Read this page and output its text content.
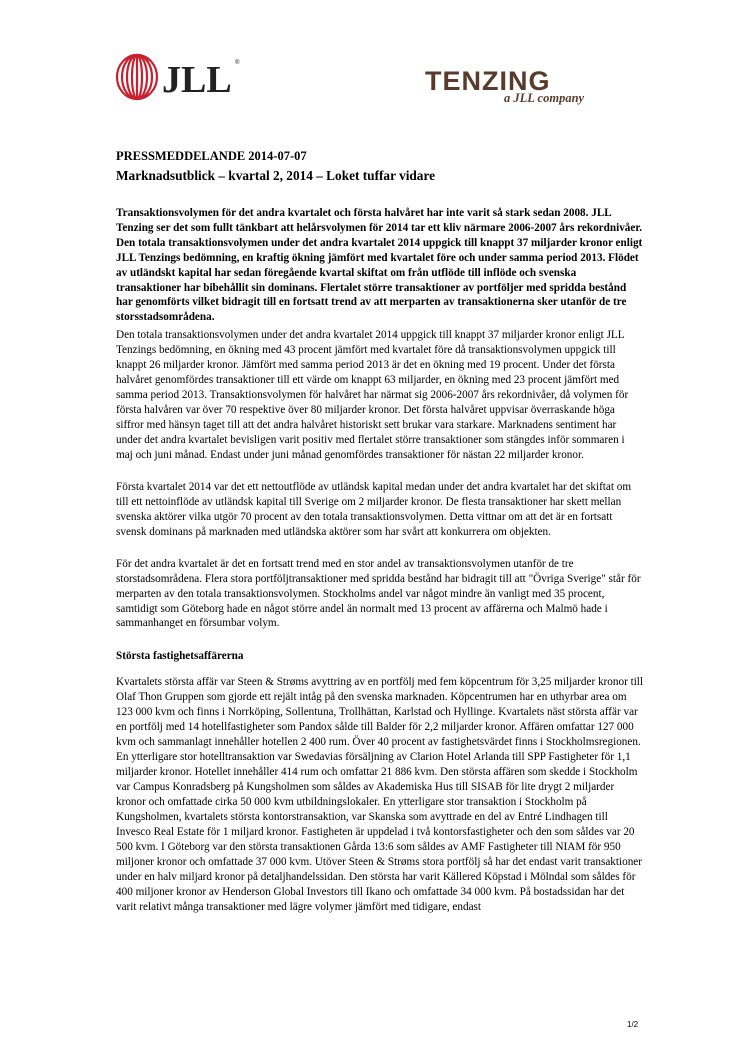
JLL ®
TENZING
a JLL company

PRESSMEDDELANDE 2014-07-07

Marknadsutblick – kvartal 2, 2014 – Loket tuffar vidare

Transaktionsvolymen för det andra kvartalet och första halvåret har inte varit så stark sedan 2008. JLL Tenzing ser det som fullt tänkbart att helårsvolymen för 2014 tar ett kliv närmare 2006-2007 års rekordnivåer. Den totala transaktionsvolymen under det andra kvartalet 2014 uppgick till knappt 37 miljarder kronor enligt JLL Tenzings bedömning, en kraftig ökning jämfört med kvartalet före och under samma period 2013. Flödet av utländskt kapital har sedan föregående kvartal skiftat om från utflöde till inflöde och svenska transaktioner har bibehållit sin dominans. Flertalet större transaktioner av portföljer med spridda bestånd har genomförts vilket bidragit till en fortsatt trend av att merparten av transaktionerna sker utanför de tre storsstadsområdena.

Den totala transaktionsvolymen under det andra kvartalet 2014 uppgick till knappt 37 miljarder kronor enligt JLL Tenzings bedömning, en ökning med 43 procent jämfört med kvartalet före då transaktionsvolymen uppgick till knappt 26 miljarder kronor. Jämfört med samma period 2013 är det en ökning med 19 procent. Under det första halvåret genomfördes transaktioner till ett värde om knappt 63 miljarder, en ökning med 23 procent jämfört med samma period 2013. Transaktionsvolymen för halvåret har närmat sig 2006-2007 års rekordnivåer, då volymen för första halvåren var över 70 respektive över 80 miljarder kronor. Det första halvåret uppvisar överraskande höga siffror med hänsyn taget till att det andra halvåret historiskt sett brukar vara starkare. Marknadens sentiment har under det andra kvartalet bevisligen varit positiv med flertalet större transaktioner som stängdes inför sommaren i maj och juni månad. Endast under juni månad genomfördes transaktioner för nästan 22 miljarder kronor.

Första kvartalet 2014 var det ett nettoutflöde av utländsk kapital medan under det andra kvartalet har det skiftat om till ett nettoinflöde av utländsk kapital till Sverige om 2 miljarder kronor. De flesta transaktioner har skett mellan svenska aktörer vilka utgör 70 procent av den totala transaktionsvolymen. Detta vittnar om att det är en fortsatt svensk dominans på marknaden med utländska aktörer som har svårt att konkurrera om objekten.

För det andra kvartalet är det en fortsatt trend med en stor andel av transaktionsvolymen utanför de tre storstadsområdena. Flera stora portföljtransaktioner med spridda bestånd har bidragit till att "Övriga Sverige" står för merparten av den totala transaktionsvolymen. Stockholms andel var något mindre än vanligt med 35 procent, samtidigt som Göteborg hade en något större andel än normalt med 13 procent av affärerna och Malmö hade i sammanhanget en försumbar volym.

Största fastighetsaffärerna

Kvartalets största affär var Steen & Strøms avyttring av en portfölj med fem köpcentrum för 3,25 miljarder kronor till Olaf Thon Gruppen som gjorde ett rejält intåg på den svenska marknaden. Köpcentrumen har en uthyrbar area om 123 000 kvm och finns i Norrköping, Sollentuna, Trollhättan, Karlstad och Hyllinge. Kvartalets näst största affär var en portfölj med 14 hotellfastigheter som Pandox sålde till Balder för 2,2 miljarder kronor. Affären omfattar 127 000 kvm och sammanlagt innehåller hotellen 2 400 rum. Över 40 procent av fastighetsvärdet finns i Stockholmsregionen. En ytterligare stor hotelltransaktion var Swedavias försäljning av Clarion Hotel Arlanda till SPP Fastigheter för 1,1 miljarder kronor. Hotellet innehåller 414 rum och omfattar 21 886 kvm. Den största affären som skedde i Stockholm var Campus Konradsberg på Kungsholmen som såldes av Akademiska Hus till SISAB för lite drygt 2 miljarder kronor och omfattade cirka 50 000 kvm utbildningslokaler. En ytterligare stor transaktion i Stockholm på Kungsholmen, kvartalets största kontorstransaktion, var Skanska som avyttrade en del av Entré Lindhagen till Invesco Real Estate för 1 miljard kronor. Fastigheten är uppdelad i två kontorsfastigheter och den som såldes var 20 500 kvm. I Göteborg var den största transaktionen Gårda 13:6 som såldes av AMF Fastigheter till NIAM för 950 miljoner kronor och omfattade 37 000 kvm. Utöver Steen & Strøms stora portfölj så har det endast varit transaktioner under en halv miljard kronor på detaljhandelssidan. Den största har varit Källered Köpstad i Mölndal som såldes för 400 miljoner kronor av Henderson Global Investors till Ikano och omfattade 34 000 kvm. På bostadssidan har det varit relativt många transaktioner med lägre volymer jämfört med tidigare, endast

1/2
